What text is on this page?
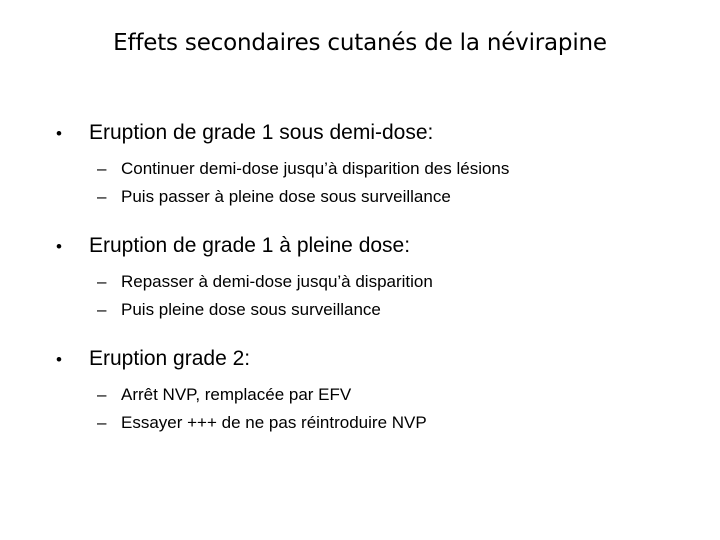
Effets secondaires cutanés de la névirapine
•	Eruption de grade 1 sous demi-dose:
– Continuer demi-dose jusqu’à disparition des lésions
– Puis passer à pleine dose sous surveillance
•	Eruption de grade 1 à pleine dose:
– Repasser à demi-dose jusqu’à disparition
– Puis pleine dose sous surveillance
•	Eruption grade 2:
– Arrêt NVP, remplacée par EFV
– Essayer +++ de ne pas réintroduire NVP
